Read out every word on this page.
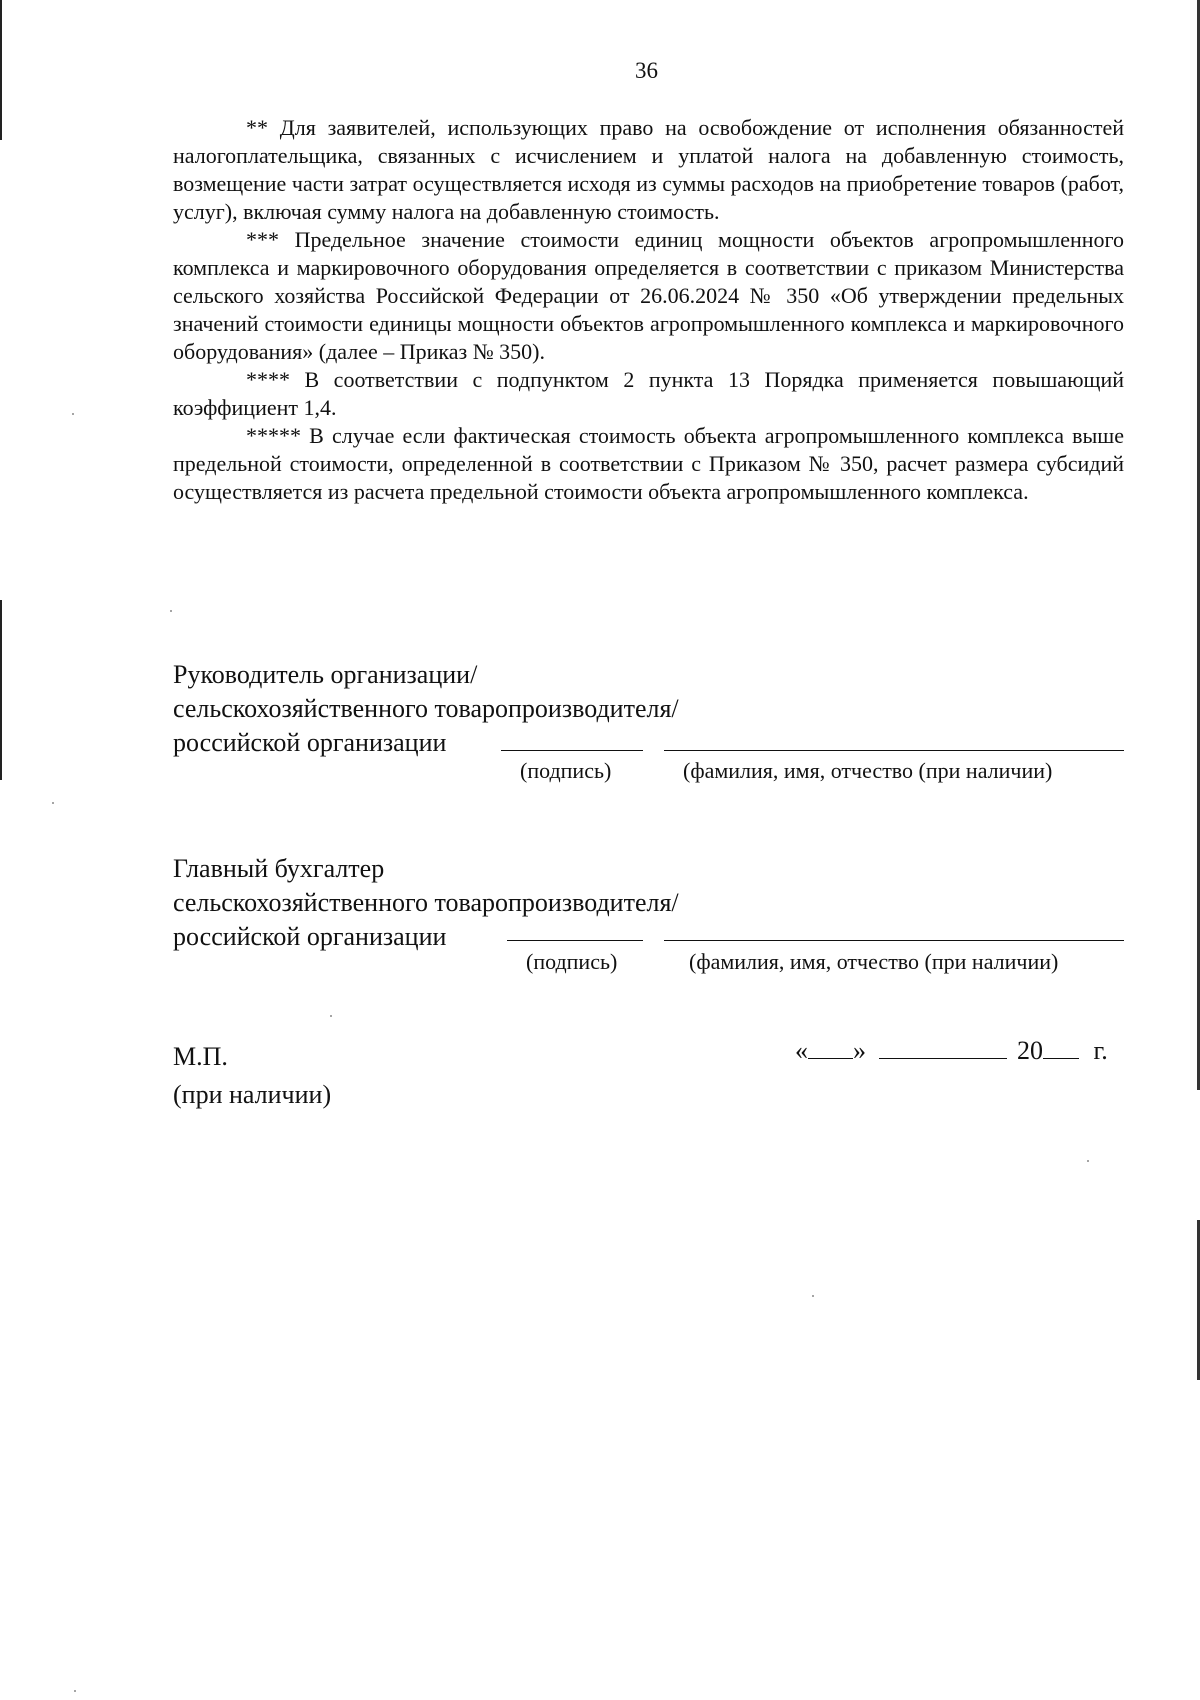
36

** Для заявителей, использующих право на освобождение от исполнения обязанностей налогоплательщика, связанных с исчислением и уплатой налога на добавленную стоимость, возмещение части затрат осуществляется исходя из суммы расходов на приобретение товаров (работ, услуг), включая сумму налога на добавленную стоимость.

*** Предельное значение стоимости единиц мощности объектов агропромышленного комплекса и маркировочного оборудования определяется в соответствии с приказом Министерства сельского хозяйства Российской Федерации от 26.06.2024 № 350 «Об утверждении предельных значений стоимости единицы мощности объектов агропромышленного комплекса и маркировочного оборудования» (далее – Приказ № 350).

**** В соответствии с подпунктом 2 пункта 13 Порядка применяется повышающий коэффициент 1,4.

***** В случае если фактическая стоимость объекта агропромышленного комплекса выше предельной стоимости, определенной в соответствии с Приказом № 350, расчет размера субсидий осуществляется из расчета предельной стоимости объекта агропромышленного комплекса.

Руководитель организации/
сельскохозяйственного товаропроизводителя/
российской организации
(подпись)	(фамилия, имя, отчество (при наличии)
Главный бухгалтер
сельскохозяйственного товаропроизводителя/
российской организации
(подпись)	(фамилия, имя, отчество (при наличии)
М.П.
(при наличии)
« »	20 г.
